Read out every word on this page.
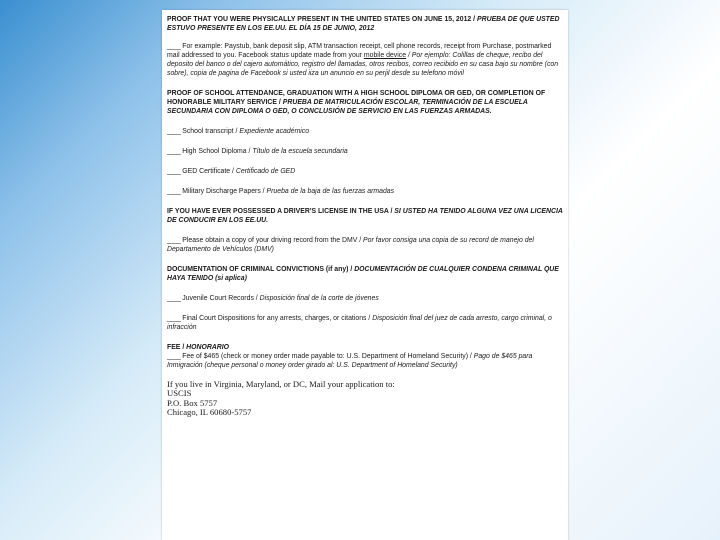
PROOF THAT YOU WERE PHYSICALLY PRESENT IN THE UNITED STATES ON JUNE 15, 2012 / PRUEBA DE QUE USTED ESTUVO PRESENTE EN LOS EE.UU. EL DÍA 15 DE JUNIO, 2012

____ For example: Paystub, bank deposit slip, ATM transaction receipt, cell phone records, receipt from Purchase, postmarked mail addressed to you. Facebook status update made from your mobile device / Por ejemplo: Colillas de cheque, recibo del deposito del banco o del cajero automático, registro del llamadas, otros recibos, correo recibido en su casa bajo su nombre (con sobre), copia de pagina de Facebook si usted iiza un anuncio en su perjil desde su telefono móvil

PROOF OF SCHOOL ATTENDANCE, GRADUATION WITH A HIGH SCHOOL DIPLOMA OR GED, OR COMPLETION OF HONORABLE MILITARY SERVICE / PRUEBA DE MATRICULACIÓN ESCOLAR, TERMINACIÓN DE LA ESCUELA SECUNDARIA CON DIPLOMA O GED, O CONCLUSIÓN DE SERVICIO EN LAS FUERZAS ARMADAS.

____ School transcript / Expediente académico

____ High School Diploma / Título de la escuela secundaria

____ GED Certificate / Certificado de GED

____ Military Discharge Papers / Prueba de la baja de las fuerzas armadas

IF YOU HAVE EVER POSSESSED A DRIVER'S LICENSE IN THE USA / SI USTED HA TENIDO ALGUNA VEZ UNA LICENCIA DE CONDUCIR EN LOS EE.UU.

____ Please obtain a copy of your driving record from the DMV / Por favor consiga una copia de su record de manejo del Departamento de Vehículos (DMV)

DOCUMENTATION OF CRIMINAL CONVICTIONS (if any) / DOCUMENTACIÓN DE CUALQUIER CONDENA CRIMINAL QUE HAYA TENIDO (si aplica)

____ Juvenile Court Records / Disposición final de la corte de jóvenes

____ Final Court Dispositions for any arrests, charges, or citations / Disposición final del juez de cada arresto, cargo criminal, o infracción

FEE / HONORARIO

____ Fee of $465 (check or money order made payable to: U.S. Department of Homeland Security) / Pago de $465 para Inmigración (cheque personal o money order girado al: U.S. Department of Homeland Security)

If you live in Virginia, Maryland, or DC, Mail your application to:
USCIS
P.O. Box 5757
Chicago, IL 60680-5757
